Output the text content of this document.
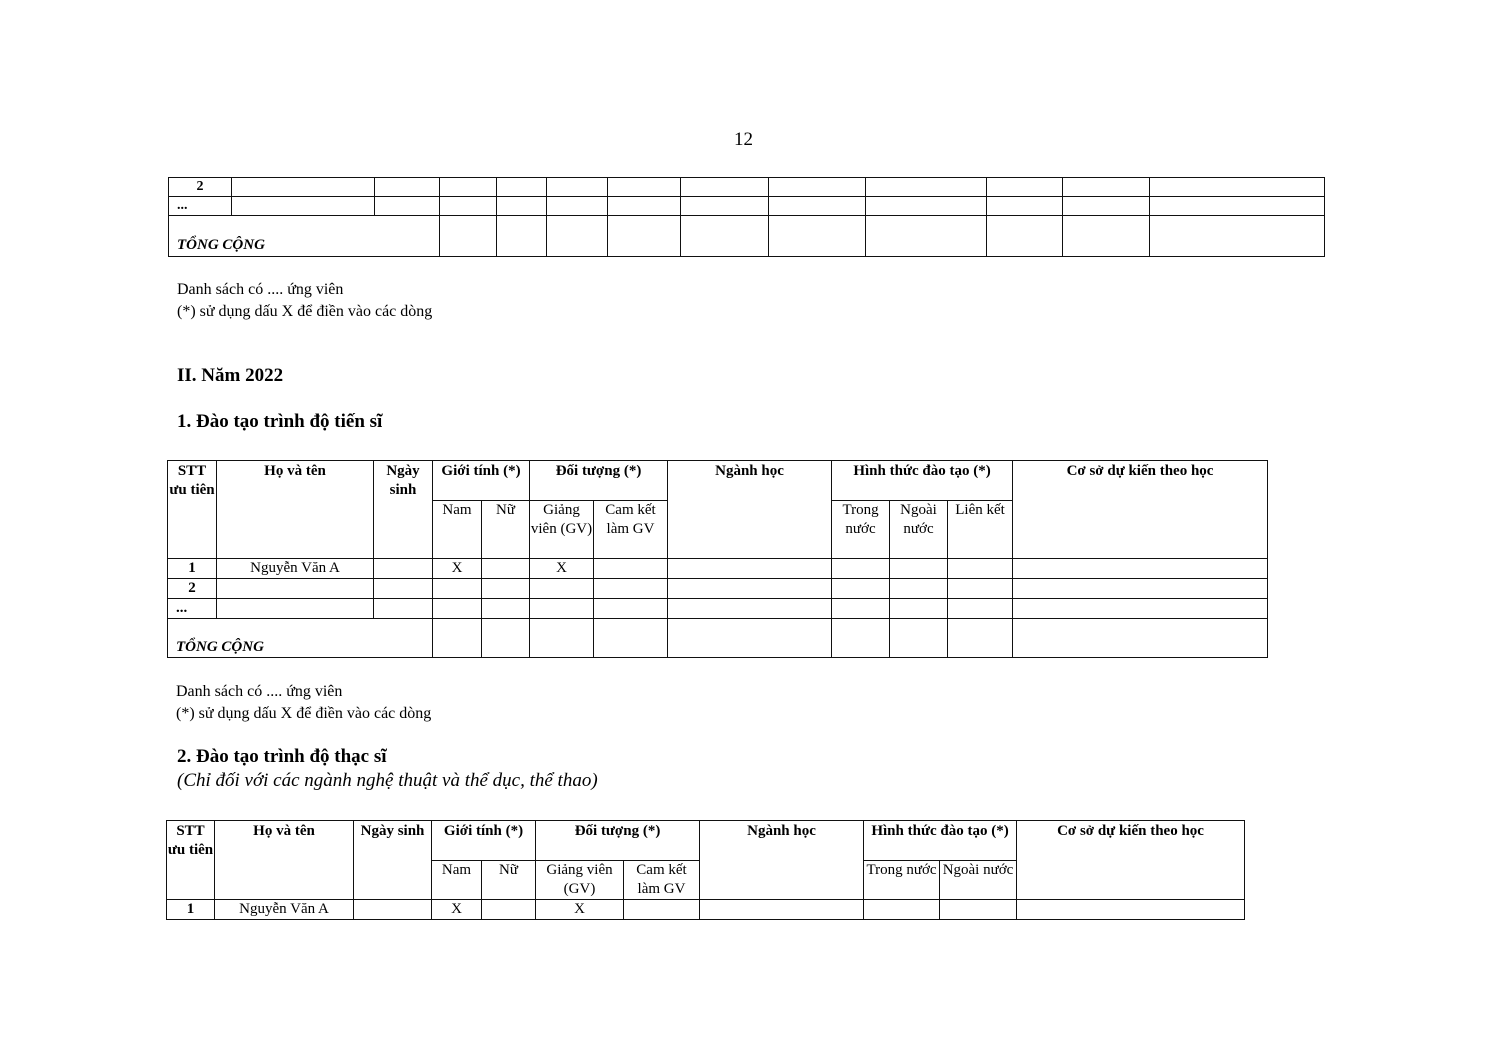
12
2												
...												
TỔNG CỘNG												
Danh sách có .... ứng viên
(*) sử dụng dấu X để điền vào các dòng
II. Năm 2022
1. Đào tạo trình độ tiến sĩ
STT ưu tiên	Họ và tên	Ngày sinh	Giới tính (*)		Đối tượng (*)		Ngành học	Hình thức đào tạo (*)			Cơ sở dự kiến theo học
			Nam	Nữ	Giảng viên (GV)	Cam kết làm GV		Trong nước	Ngoài nước	Liên kết	
1	Nguyễn Văn A		X		X						
2											
...											
TỔNG CỘNG											
Danh sách có .... ứng viên
(*) sử dụng dấu X để điền vào các dòng
2. Đào tạo trình độ thạc sĩ
(Chỉ đối với các ngành nghệ thuật và thể dục, thể thao)
STT ưu tiên	Họ và tên	Ngày sinh	Giới tính (*)		Đối tượng (*)		Ngành học	Hình thức đào tạo (*)		Cơ sở dự kiến theo học
			Nam	Nữ	Giảng viên (GV)	Cam kết làm GV		Trong nước	Ngoài nước	
1	Nguyễn Văn A		X		X					
